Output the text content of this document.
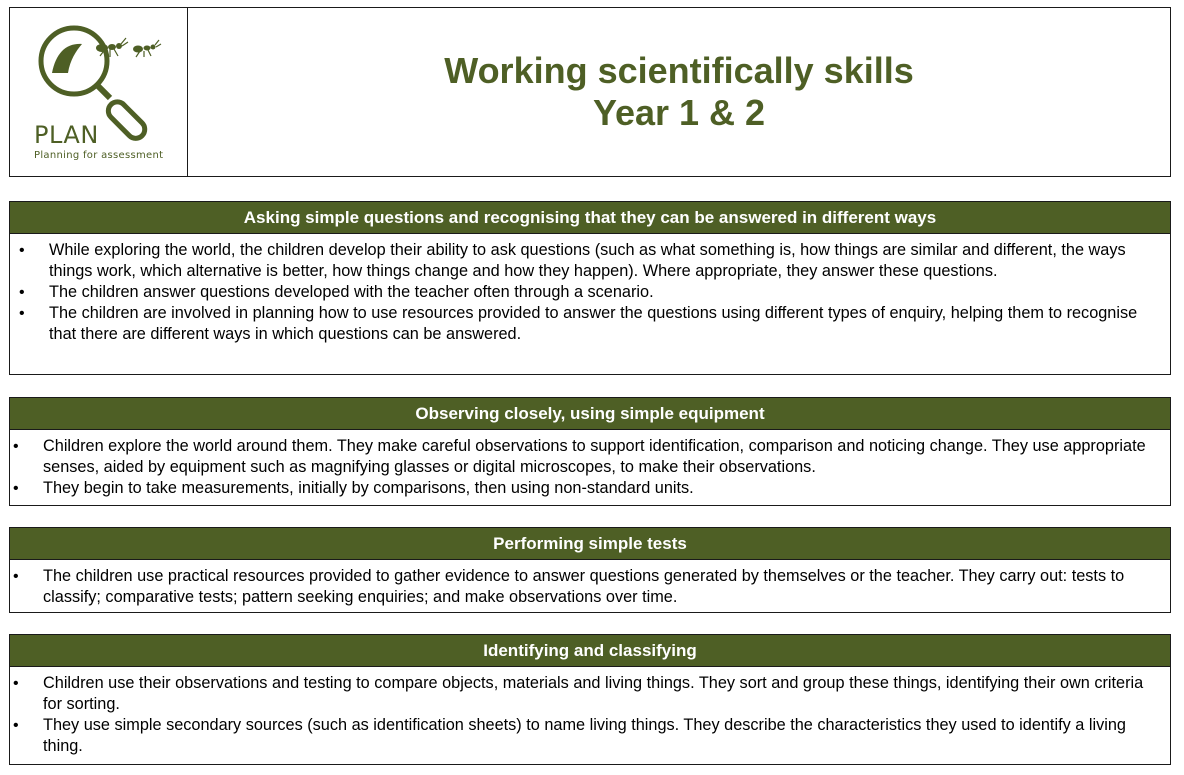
PLAN
Planning for assessment
Working scientifically skills
Year 1 & 2
Asking simple questions and recognising that they can be answered in different ways
• While exploring the world, the children develop their ability to ask questions (such as what something is, how things are similar and different, the ways things work, which alternative is better, how things change and how they happen). Where appropriate, they answer these questions.
• The children answer questions developed with the teacher often through a scenario.
• The children are involved in planning how to use resources provided to answer the questions using different types of enquiry, helping them to recognise that there are different ways in which questions can be answered.
Observing closely, using simple equipment
• Children explore the world around them. They make careful observations to support identification, comparison and noticing change. They use appropriate senses, aided by equipment such as magnifying glasses or digital microscopes, to make their observations.
• They begin to take measurements, initially by comparisons, then using non-standard units.
Performing simple tests
• The children use practical resources provided to gather evidence to answer questions generated by themselves or the teacher. They carry out: tests to classify; comparative tests; pattern seeking enquiries; and make observations over time.
Identifying and classifying
• Children use their observations and testing to compare objects, materials and living things. They sort and group these things, identifying their own criteria for sorting.
• They use simple secondary sources (such as identification sheets) to name living things. They describe the characteristics they used to identify a living thing.
